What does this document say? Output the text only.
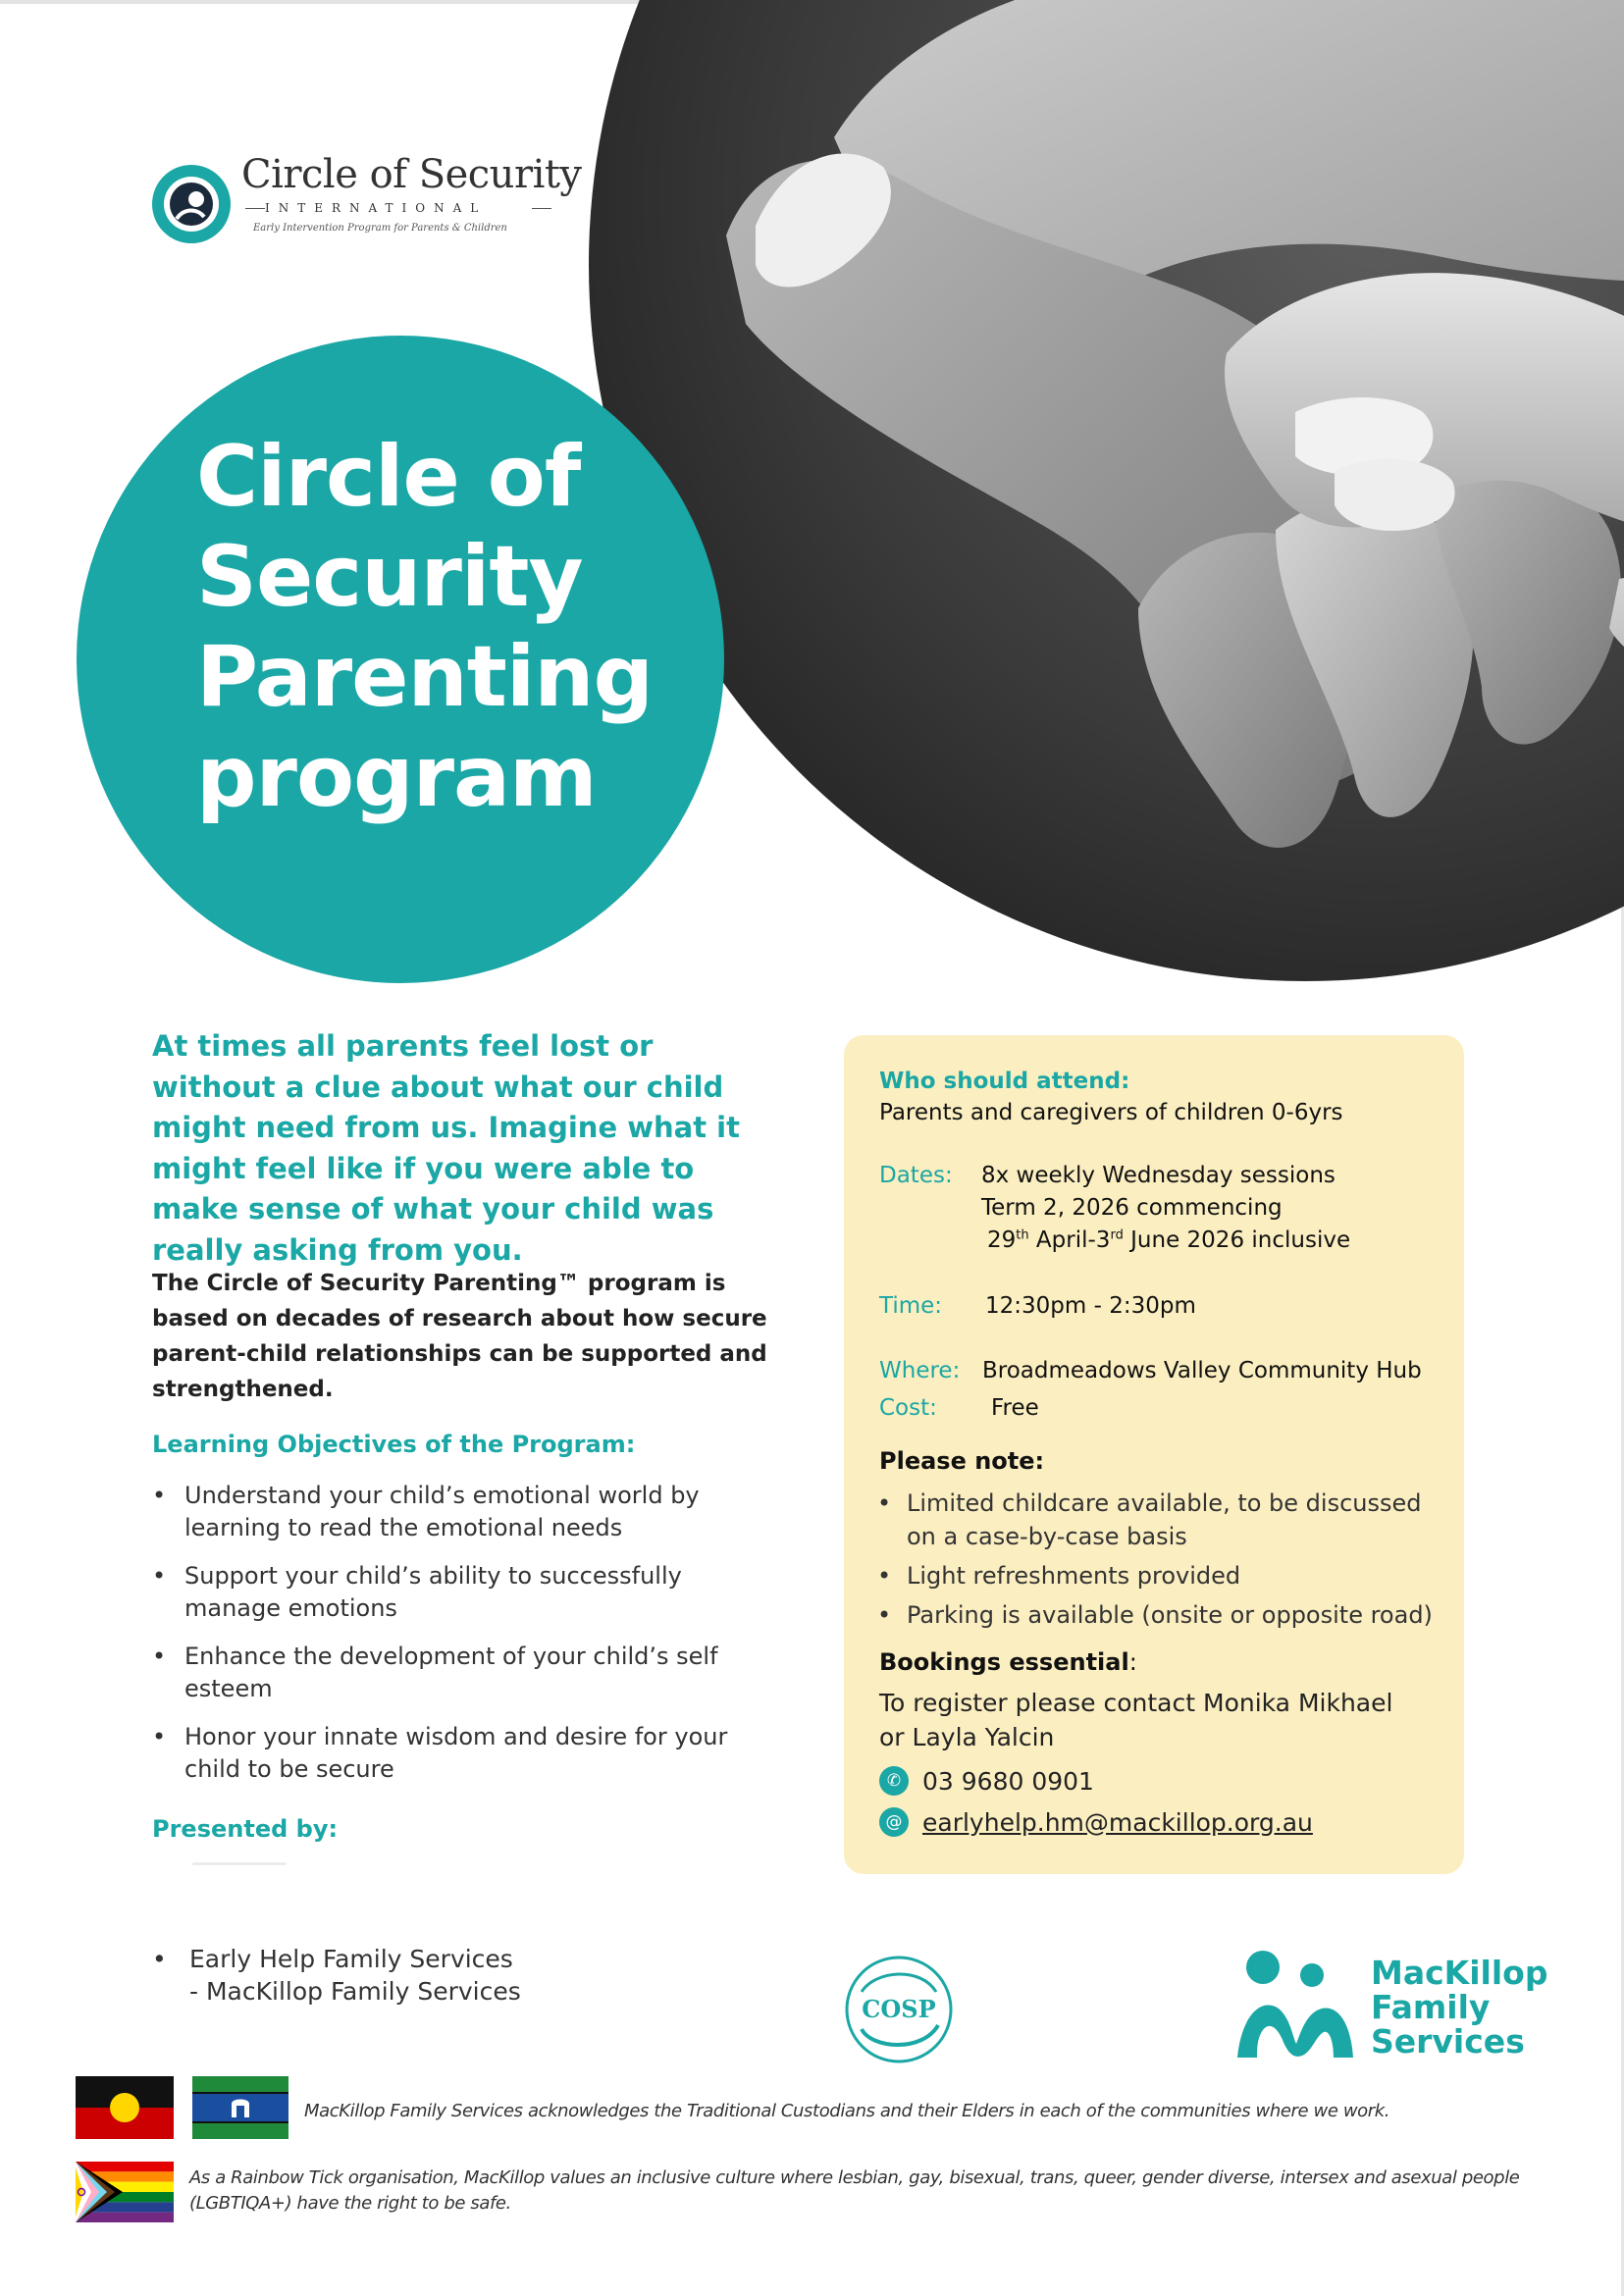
Circle of Security
INTERNATIONAL
Early Intervention Program for Parents & Children
Circle of
Security
Parenting
program

At times all parents feel lost or without a clue about what our child might need from us. Imagine what it might feel like if you were able to make sense of what your child was really asking from you.

The Circle of Security Parenting™ program is based on decades of research about how secure parent-child relationships can be supported and strengthened.

Learning Objectives of the Program:
• Understand your child’s emotional world by learning to read the emotional needs
• Support your child’s ability to successfully manage emotions
• Enhance the development of your child’s self esteem
• Honor your innate wisdom and desire for your child to be secure
Presented by:
• Early Help Family Services
- MacKillop Family Services
Who should attend:
Parents and caregivers of children 0-6yrs
Dates: 8x weekly Wednesday sessions
Term 2, 2026 commencing
29th April-3rd June 2026 inclusive
Time: 12:30pm - 2:30pm
Where: Broadmeadows Valley Community Hub
Cost: Free
Please note:
• Limited childcare available, to be discussed on a case-by-case basis
• Light refreshments provided
• Parking is available (onsite or opposite road)
Bookings essential:
To register please contact Monika Mikhael
or Layla Yalcin
✆ 03 9680 0901
@ earlyhelp.hm@mackillop.org.au
COSP

MacKillop
Family
Services

MacKillop Family Services acknowledges the Traditional Custodians and their Elders in each of the communities where we work.

As a Rainbow Tick organisation, MacKillop values an inclusive culture where lesbian, gay, bisexual, trans, queer, gender diverse, intersex and asexual people (LGBTIQA+) have the right to be safe.
